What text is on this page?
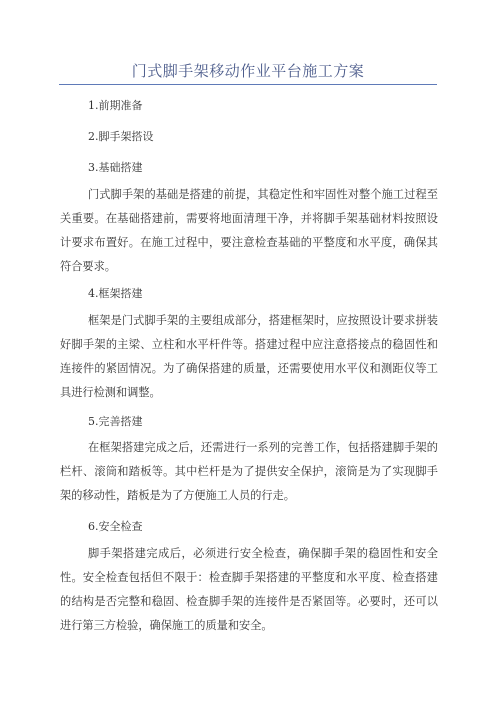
门式脚手架移动作业平台施工方案
1.前期准备
2.脚手架搭设
3.基础搭建

门式脚手架的基础是搭建的前提，其稳定性和牢固性对整个施工过程至关重要。在基础搭建前，需要将地面清理干净，并将脚手架基础材料按照设计要求布置好。在施工过程中，要注意检查基础的平整度和水平度，确保其符合要求。

4.框架搭建

框架是门式脚手架的主要组成部分，搭建框架时，应按照设计要求拼装好脚手架的主梁、立柱和水平杆件等。搭建过程中应注意搭接点的稳固性和连接件的紧固情况。为了确保搭建的质量，还需要使用水平仪和测距仪等工具进行检测和调整。

5.完善搭建

在框架搭建完成之后，还需进行一系列的完善工作，包括搭建脚手架的栏杆、滚筒和踏板等。其中栏杆是为了提供安全保护，滚筒是为了实现脚手架的移动性，踏板是为了方便施工人员的行走。

6.安全检查

脚手架搭建完成后，必须进行安全检查，确保脚手架的稳固性和安全性。安全检查包括但不限于：检查脚手架搭建的平整度和水平度、检查搭建的结构是否完整和稳固、检查脚手架的连接件是否紧固等。必要时，还可以进行第三方检验，确保施工的质量和安全。
